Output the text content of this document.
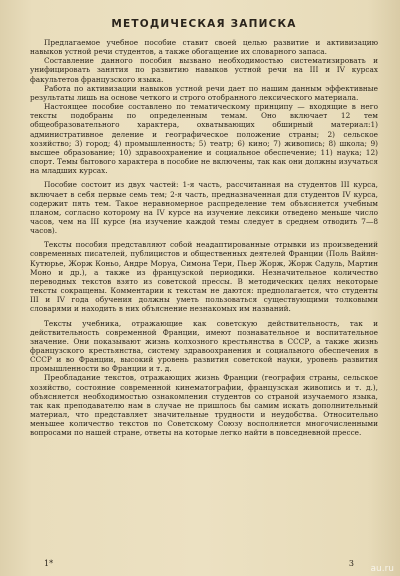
МЕТОДИЧЕСКАЯ ЗАПИСКА

Предлагаемое учебное пособие ставит своей целью развитие и активизацию навыков устной речи студентов, а также обогащение их словарного запаса.

Составление данного пособия вызвано необходимостью систематизировать и унифицировать занятия по развитию навыков устной речи на III и IV курсах факультетов французского языка.

Работа по активизации навыков устной речи дает по нашим данным эффективные результаты лишь на основе четкого и строго отобранного лексического материала.

Настоящее пособие составлено по тематическому принципу — входящие в него тексты подобраны по определенным темам. Оно включает 12 тем общеобразовательного характера, охватывающих обширный материал:1) административное деление и географическое положение страны; 2) сельское хозяйство; 3) город; 4) промышленность; 5) театр; 6) кино; 7) живопись; 8) школа; 9) высшее образование; 10) здравоохранение и социальное обеспечение; 11) наука; 12) спорт. Темы бытового характера в пособие не включены, так как они должны изучаться на младших курсах.

Пособие состоит из двух частей: 1-я часть, рассчитанная на студентов III курса, включает в себя первые семь тем; 2-я часть, предназначенная для студентов IV курса, содержит пять тем. Такое неравномерное распределение тем объясняется учебным планом, согласно которому на IV курсе на изучение лексики отведено меньше число часов, чем на III курсе (на изучение каждой темы следует в среднем отводить 7—8 часов).

Тексты пособия представляют собой неадаптированные отрывки из произведений современных писателей, публицистов и общественных деятелей Франции (Поль Вайян-Кутюрье, Жорж Коньо, Андре Моруа, Симона Тери, Пьер Жорж, Жорж Садуль, Мартин Моно и др.), а также из французской периодики. Незначительное количество переводных текстов взято из советской прессы. В методических целях некоторые тексты сокращены. Комментарии к текстам не даются: предполагается, что студенты III и IV года обучения должны уметь пользоваться существующими толковыми словарями и находить в них объяснение незнакомых им названий.

Тексты учебника, отражающие как советскую действительность, так и действительность современной Франции, имеют познавательное и воспитательное значение. Они показывают жизнь колхозного крестьянства в СССР, а также жизнь французского крестьянства, систему здравоохранения и социального обеспечения в СССР и во Франции, высокий уровень развития советской науки, уровень развития промышленности во Франции и т. д.

Преобладание текстов, отражающих жизнь Франции (география страны, сельское хозяйство, состояние современной кинематографии, французская живопись и т. д.), объясняется необходимостью ознакомления студентов со страной изучаемого языка, так как преподавателю нам в случае не пришлось бы самим искать дополнительный материал, что представляет значительные трудности и неудобства. Относительно меньшее количество текстов по Советскому Союзу восполняется многочисленными вопросами по нашей стране, ответы на которые легко найти в повседневной прессе.

1*	3
au.ru
